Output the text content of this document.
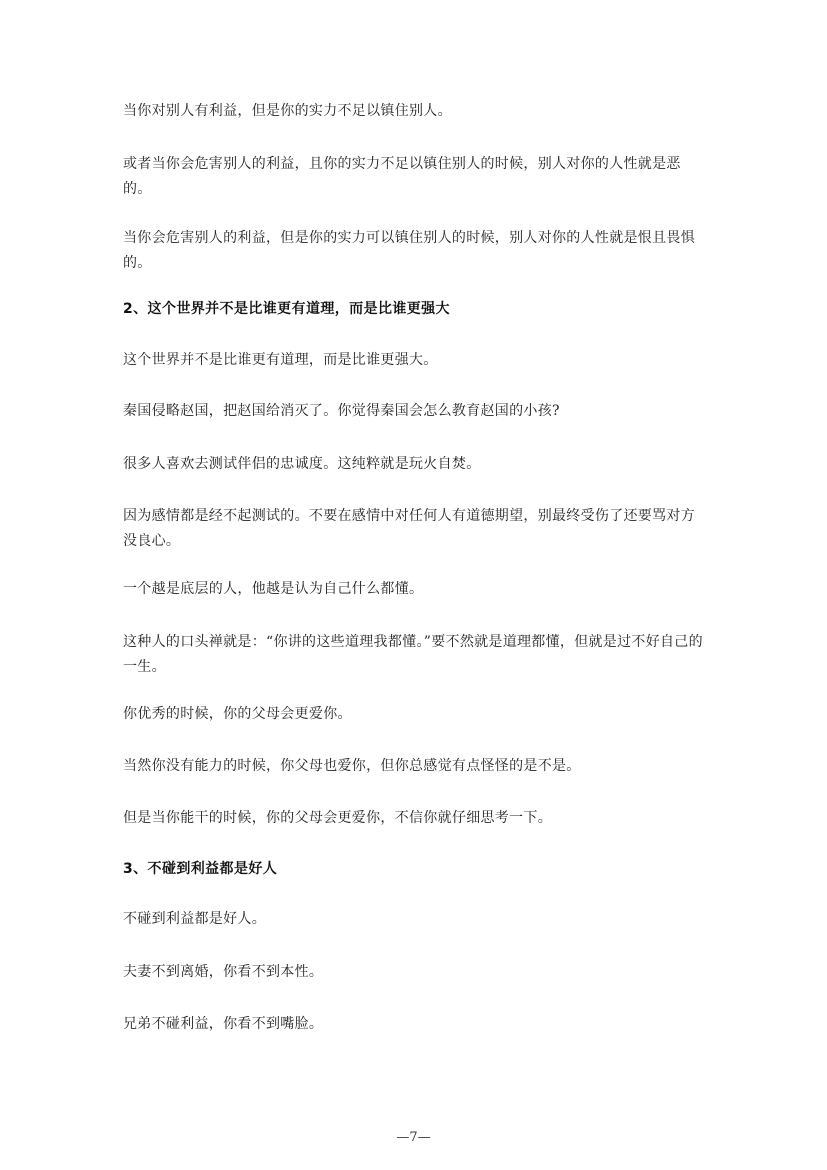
当你对别人有利益，但是你的实力不足以镇住别人。

或者当你会危害别人的利益，且你的实力不足以镇住别人的时候，别人对你的人性就是恶的。

当你会危害别人的利益，但是你的实力可以镇住别人的时候，别人对你的人性就是恨且畏惧的。

2、这个世界并不是比谁更有道理，而是比谁更强大

这个世界并不是比谁更有道理，而是比谁更强大。

秦国侵略赵国，把赵国给消灭了。你觉得秦国会怎么教育赵国的小孩?

很多人喜欢去测试伴侣的忠诚度。这纯粹就是玩火自焚。

因为感情都是经不起测试的。不要在感情中对任何人有道德期望，别最终受伤了还要骂对方没良心。

一个越是底层的人，他越是认为自己什么都懂。

这种人的口头禅就是：“你讲的这些道理我都懂。”要不然就是道理都懂，但就是过不好自己的一生。

你优秀的时候，你的父母会更爱你。

当然你没有能力的时候，你父母也爱你，但你总感觉有点怪怪的是不是。

但是当你能干的时候，你的父母会更爱你，不信你就仔细思考一下。

3、不碰到利益都是好人

不碰到利益都是好人。

夫妻不到离婚，你看不到本性。

兄弟不碰利益，你看不到嘴脸。

—7—
